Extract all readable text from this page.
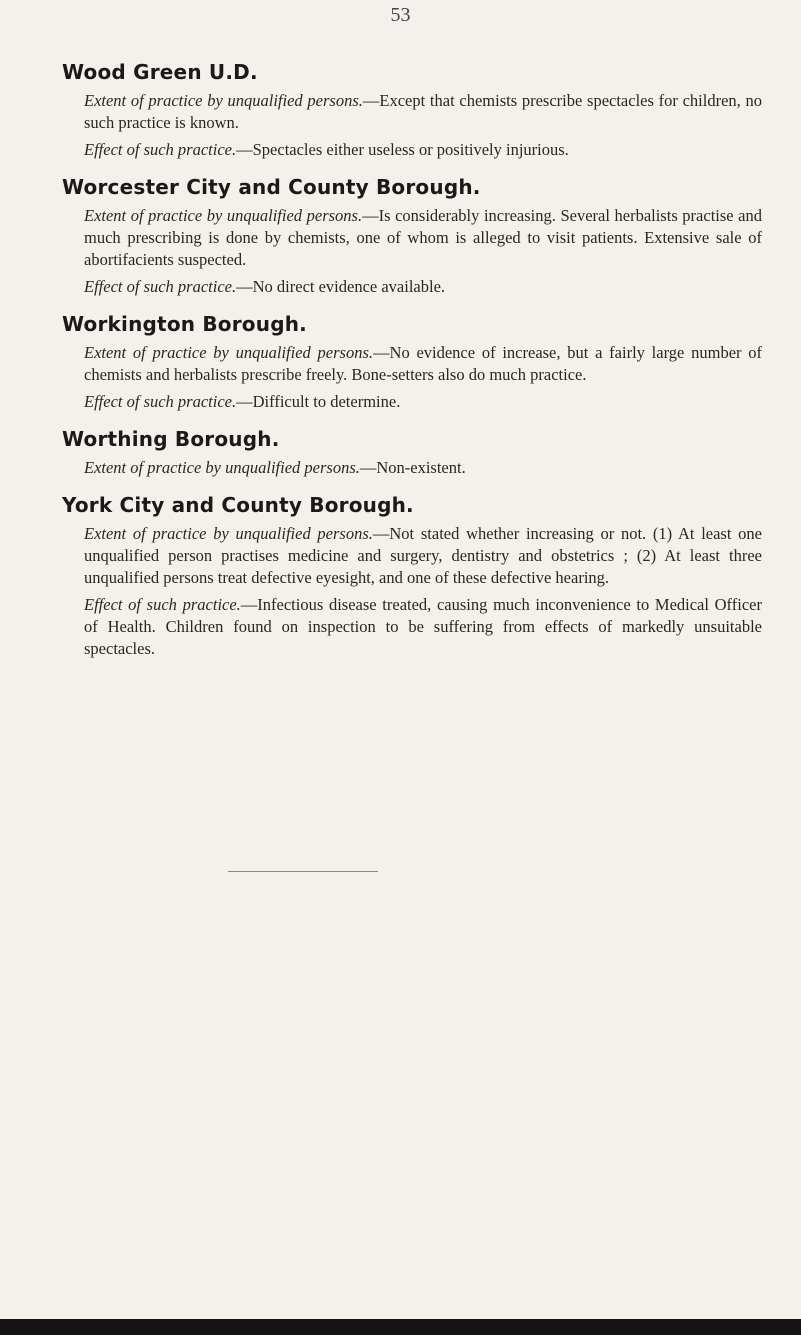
53
Wood Green U.D.

Extent of practice by unqualified persons.—Except that chemists prescribe spectacles for children, no such practice is known.

Effect of such practice.—Spectacles either useless or positively injurious.

Worcester City and County Borough.

Extent of practice by unqualified persons.—Is considerably increasing. Several herbalists practise and much prescribing is done by chemists, one of whom is alleged to visit patients. Extensive sale of abortifacients suspected.

Effect of such practice.—No direct evidence available.

Workington Borough.

Extent of practice by unqualified persons.—No evidence of increase, but a fairly large number of chemists and herbalists prescribe freely. Bone-setters also do much practice.

Effect of such practice.—Difficult to determine.

Worthing Borough.

Extent of practice by unqualified persons.—Non-existent.

York City and County Borough.

Extent of practice by unqualified persons.—Not stated whether increasing or not. (1) At least one unqualified person practises medicine and surgery, dentistry and obstetrics ; (2) At least three unqualified persons treat defective eyesight, and one of these defective hearing.

Effect of such practice.—Infectious disease treated, causing much inconvenience to Medical Officer of Health. Children found on inspection to be suffering from effects of markedly unsuitable spectacles.
